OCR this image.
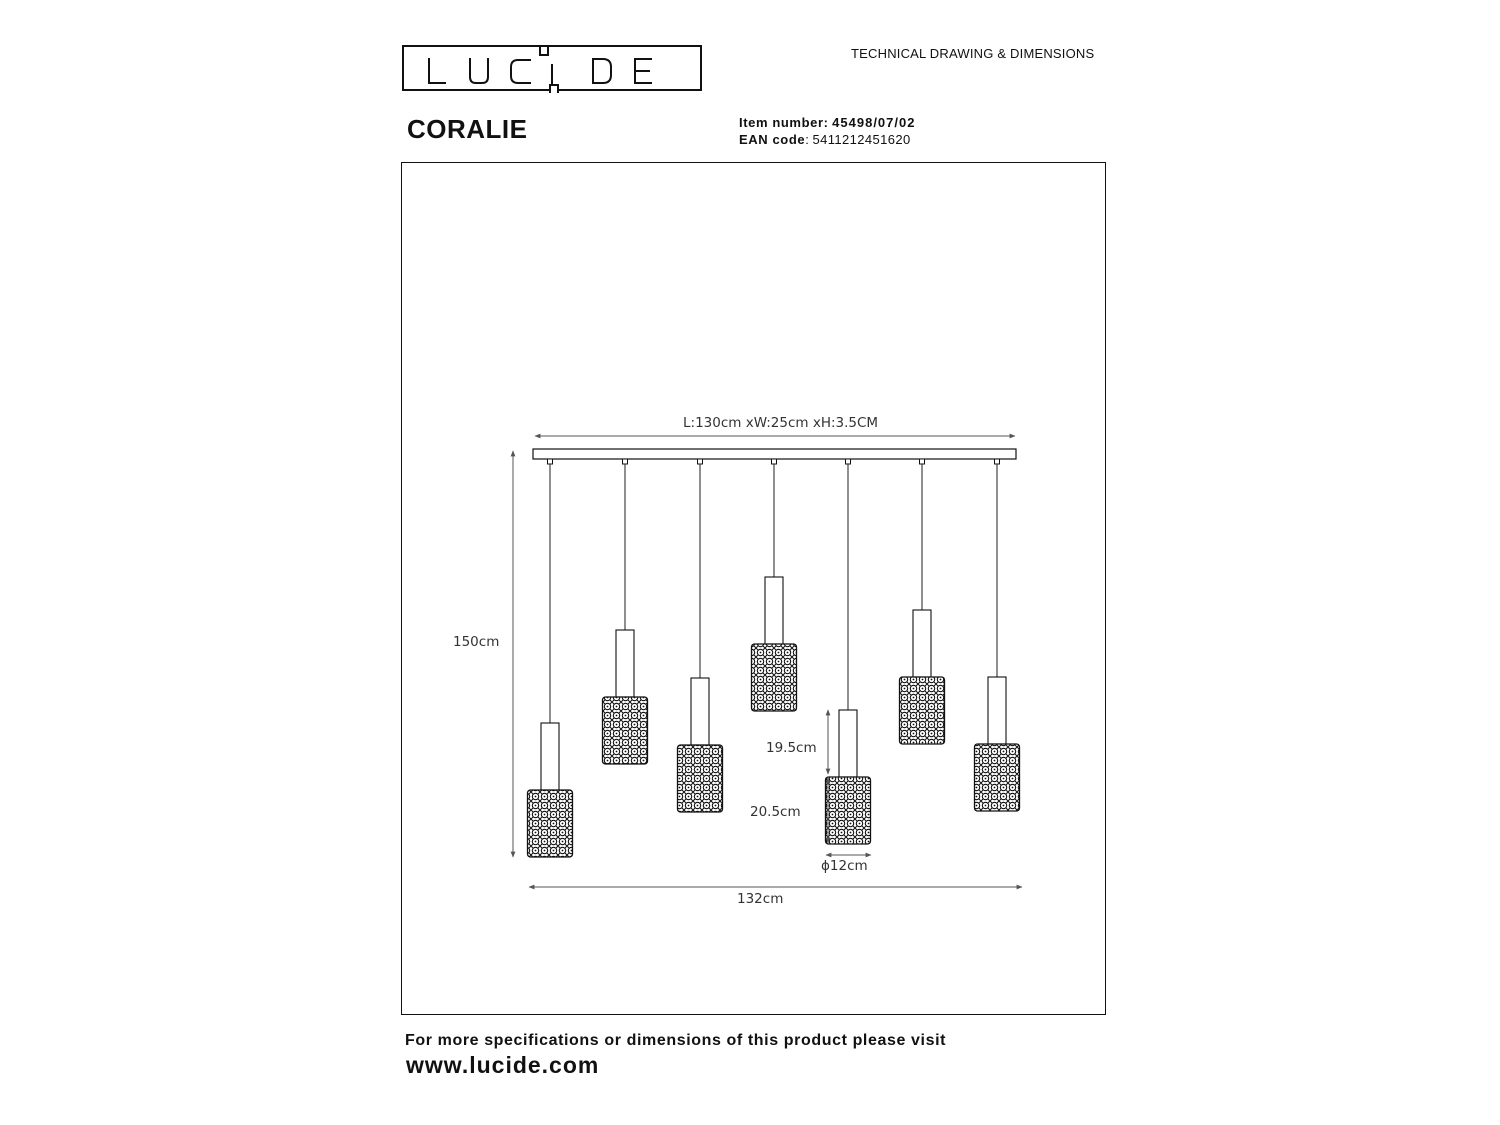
TECHNICAL DRAWING & DIMENSIONS
CORALIE	Item number: 45498/07/02
EAN code: 5411212451620
L:130cm xW:25cm xH:3.5CM
150cm
19.5cm
20.5cm
ϕ12cm
132cm
For more specifications or dimensions of this product please visit
www.lucide.com
